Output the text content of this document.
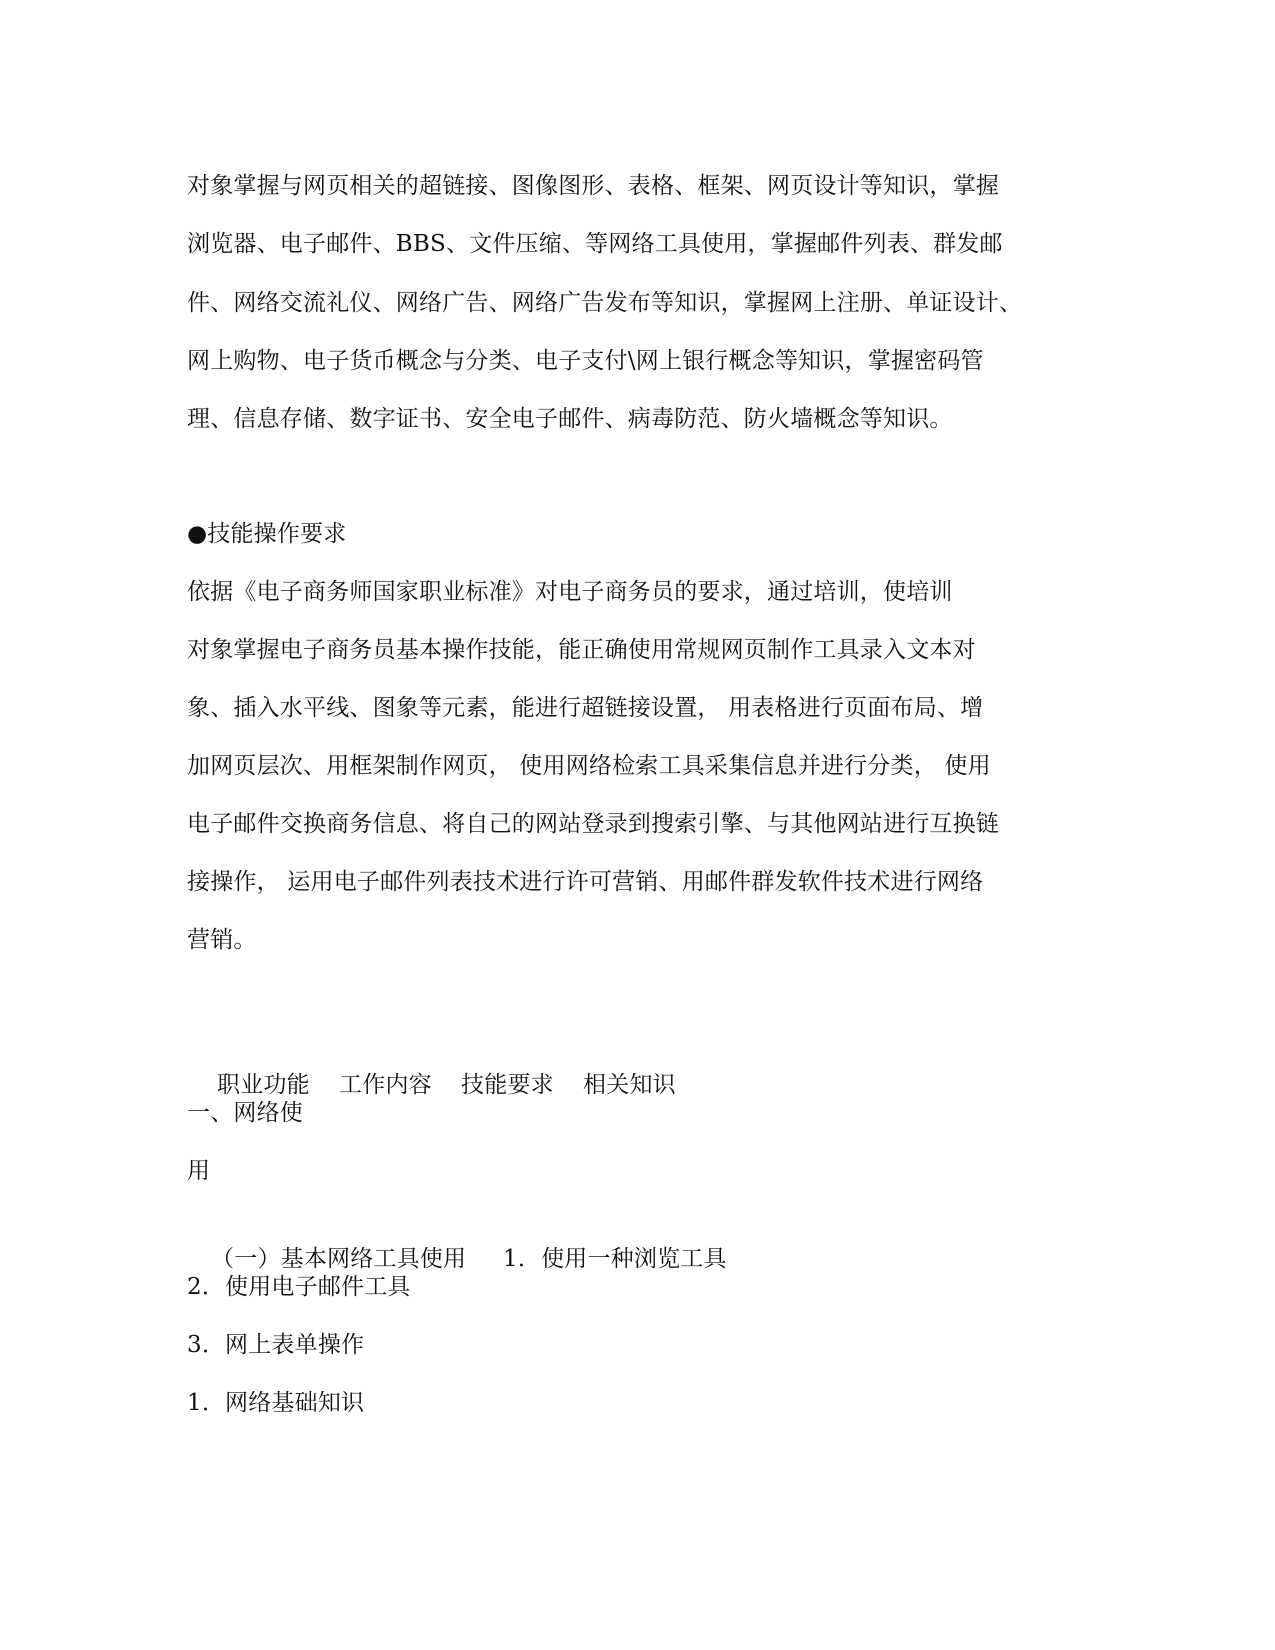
对象掌握与网页相关的超链接、图像图形、表格、框架、网页设计等知识，掌握
浏览器、电子邮件、BBS、文件压缩、等网络工具使用，掌握邮件列表、群发邮
件、网络交流礼仪、网络广告、网络广告发布等知识，掌握网上注册、单证设计、
网上购物、电子货币概念与分类、电子支付\网上银行概念等知识，掌握密码管
理、信息存储、数字证书、安全电子邮件、病毒防范、防火墙概念等知识。
●技能操作要求
依据《电子商务师国家职业标准》对电子商务员的要求，通过培训，使培训
对象掌握电子商务员基本操作技能，能正确使用常规网页制作工具录入文本对
象、插入水平线、图象等元素，能进行超链接设置， 用表格进行页面布局、增
加网页层次、用框架制作网页， 使用网络检索工具采集信息并进行分类， 使用
电子邮件交换商务信息、将自己的网站登录到搜索引擎、与其他网站进行互换链
接操作， 运用电子邮件列表技术进行许可营销、用邮件群发软件技术进行网络
营销。

职业功能 工作内容 技能要求 相关知识

一、网络使
用

（一）基本网络工具使用 1．使用一种浏览工具

2．使用电子邮件工具
3．网上表单操作
1．网络基础知识
